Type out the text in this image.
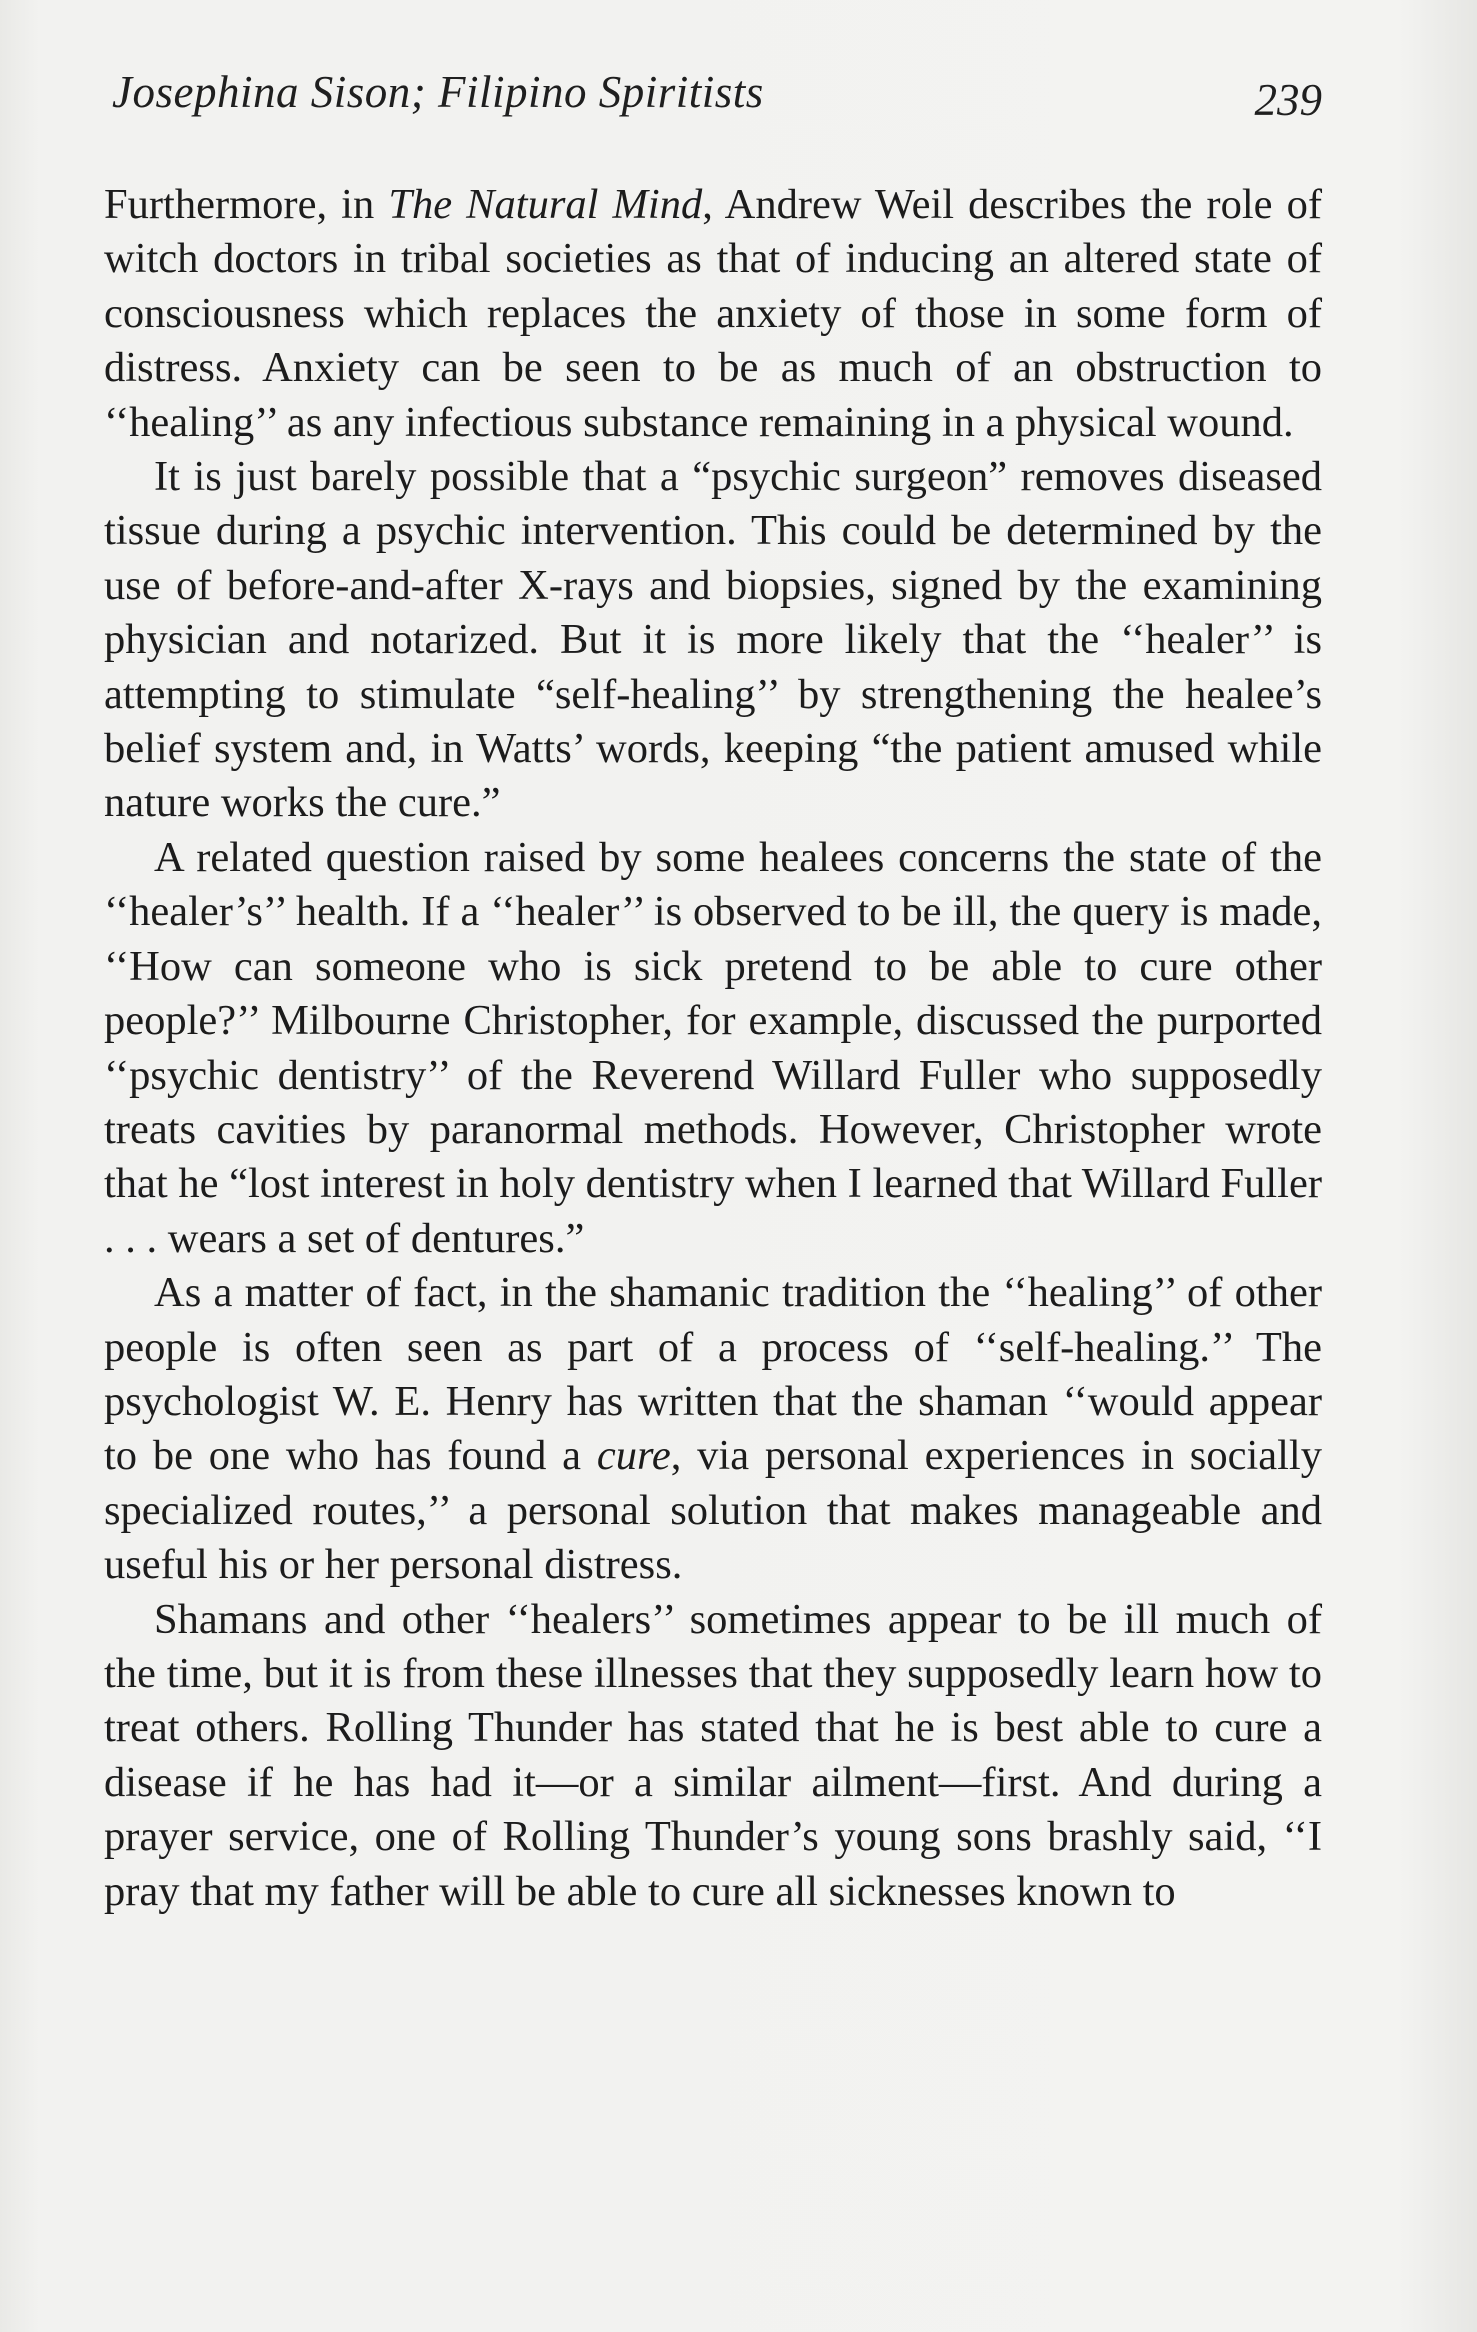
Josephina Sison; Filipino Spiritists	239

Furthermore, in The Natural Mind, Andrew Weil describes the role of witch doctors in tribal societies as that of inducing an altered state of consciousness which replaces the anxiety of those in some form of distress. Anxiety can be seen to be as much of an obstruction to ‘‘healing’’ as any infectious substance remaining in a physical wound.

It is just barely possible that a “psychic surgeon” removes diseased tissue during a psychic intervention. This could be determined by the use of before-and-after X-rays and biopsies, signed by the examining physician and notarized. But it is more likely that the ‘‘healer’’ is attempting to stimulate “self-healing’’ by strengthening the healee’s belief system and, in Watts’ words, keeping “the patient amused while nature works the cure.”

A related question raised by some healees concerns the state of the ‘‘healer’s’’ health. If a ‘‘healer’’ is observed to be ill, the query is made, ‘‘How can someone who is sick pretend to be able to cure other people?’’ Milbourne Christopher, for example, discussed the purported ‘‘psychic dentistry’’ of the Reverend Willard Fuller who supposedly treats cavities by paranormal methods. However, Christopher wrote that he “lost interest in holy dentistry when I learned that Willard Fuller . . . wears a set of dentures.”

As a matter of fact, in the shamanic tradition the ‘‘healing’’ of other people is often seen as part of a process of ‘‘self-healing.’’ The psychologist W. E. Henry has written that the shaman ‘‘would appear to be one who has found a cure, via personal experiences in socially specialized routes,’’ a personal solution that makes manageable and useful his or her personal distress.

Shamans and other ‘‘healers’’ sometimes appear to be ill much of the time, but it is from these illnesses that they supposedly learn how to treat others. Rolling Thunder has stated that he is best able to cure a disease if he has had it—or a similar ailment—first. And during a prayer service, one of Rolling Thunder’s young sons brashly said, ‘‘I pray that my father will be able to cure all sicknesses known to
